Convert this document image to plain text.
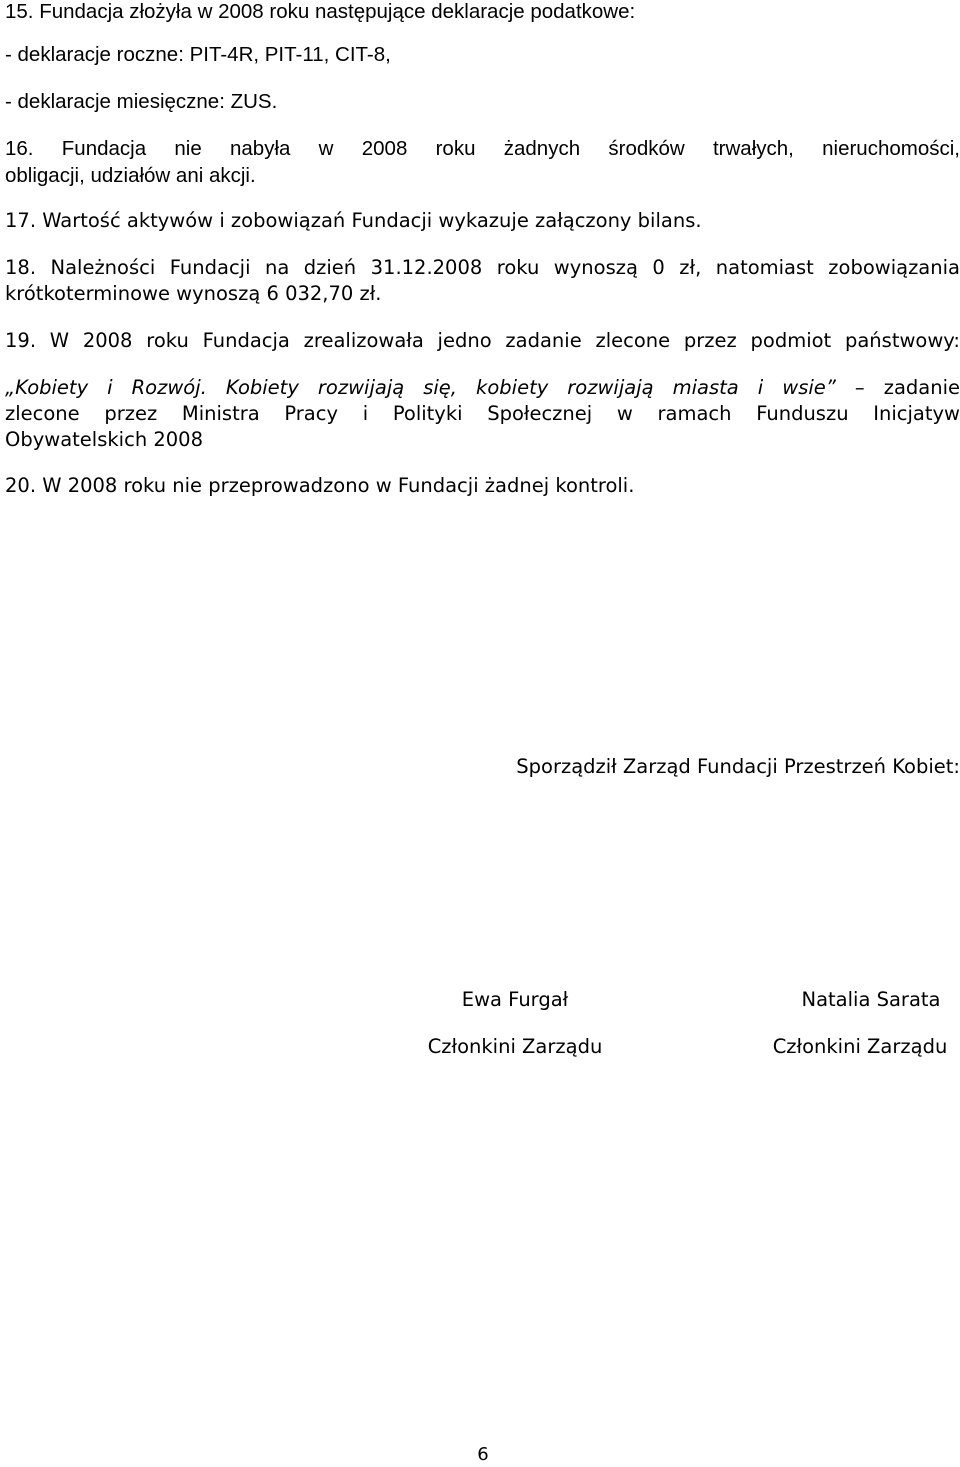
15. Fundacja złożyła w 2008 roku następujące deklaracje podatkowe:
- deklaracje roczne: PIT-4R, PIT-11, CIT-8,
- deklaracje miesięczne: ZUS.
16. Fundacja nie nabyła w 2008 roku żadnych środków trwałych, nieruchomości,
obligacji, udziałów ani akcji.
17. Wartość aktywów i zobowiązań Fundacji wykazuje załączony bilans.
18. Należności Fundacji na dzień 31.12.2008 roku wynoszą 0 zł, natomiast zobowiązania
krótkoterminowe wynoszą 6 032,70 zł.
19. W 2008 roku Fundacja zrealizowała jedno zadanie zlecone przez podmiot państwowy:
„Kobiety i Rozwój. Kobiety rozwijają się, kobiety rozwijają miasta i wsie” – zadanie
zlecone przez Ministra Pracy i Polityki Społecznej w ramach Funduszu Inicjatyw
Obywatelskich 2008
20. W 2008 roku nie przeprowadzono w Fundacji żadnej kontroli.
Sporządził Zarząd Fundacji Przestrzeń Kobiet:
Ewa Furgał
Członkini Zarządu
Natalia Sarata
Członkini Zarządu
6
